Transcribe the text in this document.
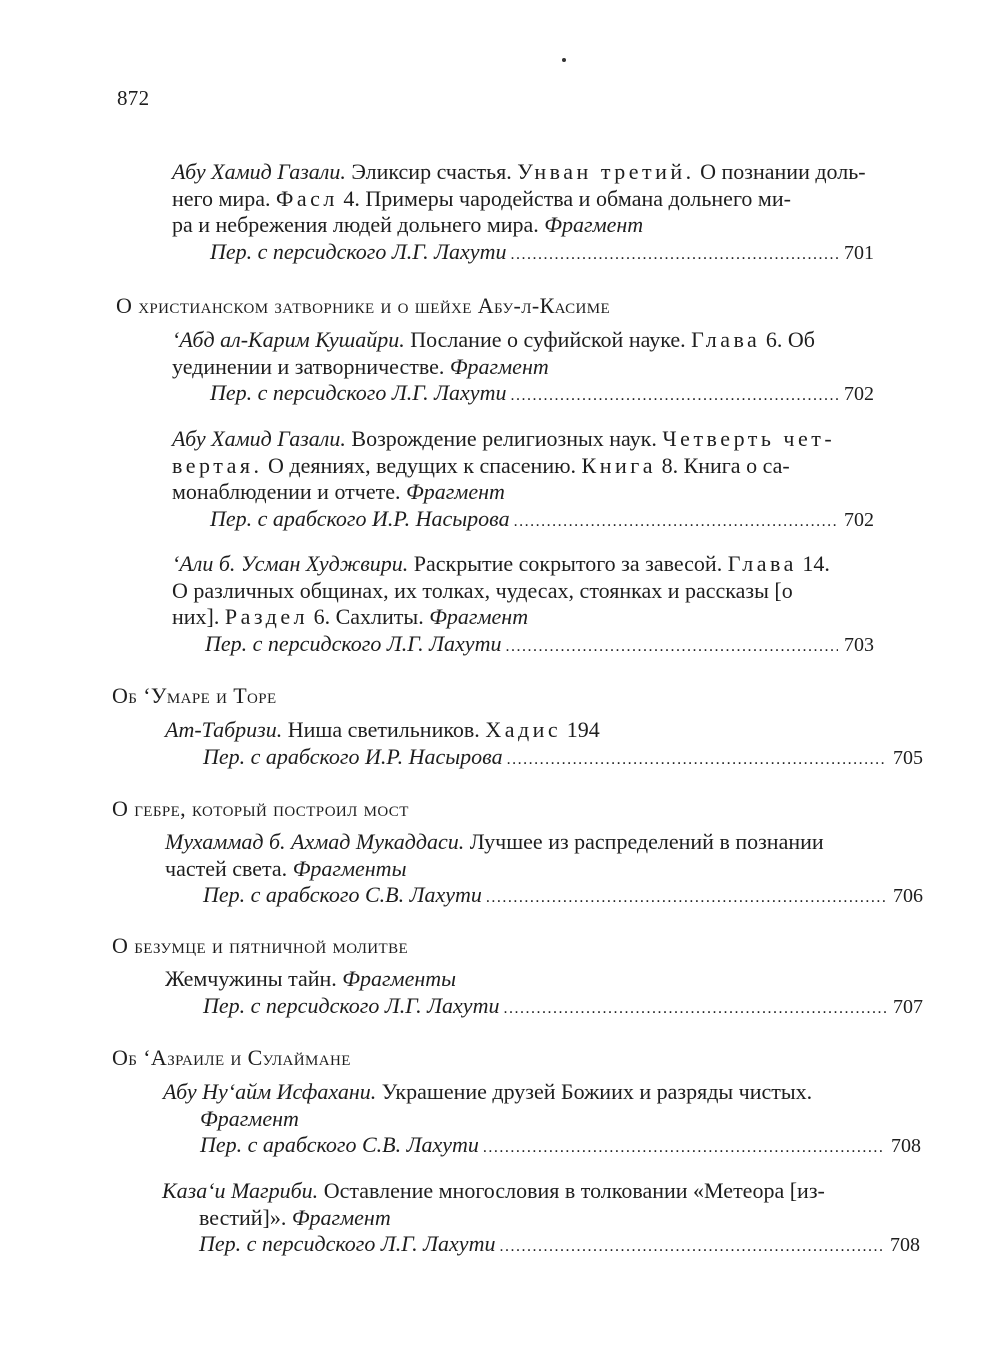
872
Абу Хамид Газали. Эликсир счастья. Унван третий. О познании доль-
него мира. Фасл 4. Примеры чародейства и обмана дольнего ми-
ра и небрежения людей дольнего мира. Фрагмент
Пер. с персидского Л.Г. Лахути .....	701
О христианском затворнике и о шейхе Абу-л-Касиме
‘Абд ал-Карим Кушайри. Послание о суфийской науке. Глава 6. Об
уединении и затворничестве. Фрагмент
Пер. с персидского Л.Г. Лахути .....	702
Абу Хамид Газали. Возрождение религиозных наук. Четверть чет-
вертая. О деяниях, ведущих к спасению. Книга 8. Книга о са-
монаблюдении и отчете. Фрагмент
Пер. с арабского И.Р. Насырова .....	702
‘Али б. Усман Худжвири. Раскрытие сокрытого за завесой. Глава 14.
О различных общинах, их толках, чудесах, стоянках и рассказы [о
них]. Раздел 6. Сахлиты. Фрагмент
Пер. с персидского Л.Г. Лахути .....	703
Об ‘Умаре и Торе
Ат-Табризи. Ниша светильников. Хадис 194
Пер. с арабского И.Р. Насырова .....	705
О гебре, который построил мост
Мухаммад б. Ахмад Мукаддаси. Лучшее из распределений в познании
частей света. Фрагменты
Пер. с арабского С.В. Лахути .....	706
О безумце и пятничной молитве
Жемчужины тайн. Фрагменты
Пер. с персидского Л.Г. Лахути .....	707
Об ‘Азраиле и Сулаймане
Абу Ну‘айм Исфахани. Украшение друзей Божиих и разряды чистых.
Фрагмент
Пер. с арабского С.В. Лахути .....	708
Каза‘и Магриби. Оставление многословия в толковании «Метеора [из-
вестий]». Фрагмент
Пер. с персидского Л.Г. Лахути .....	708
